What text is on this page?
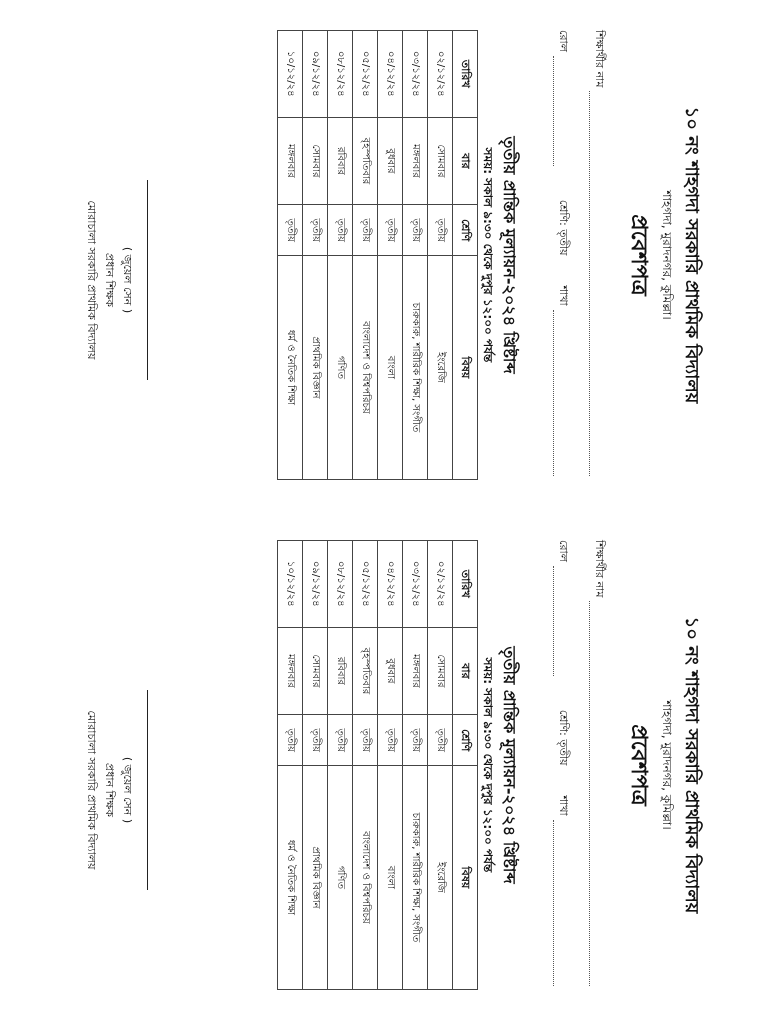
১০ নং শাহগদা সরকারি প্রাথমিক বিদ্যালয়
শাহগদা, মুরাদনগর, কুমিল্লা।
প্রবেশপত্র
শিক্ষার্থীর নাম
রোল
শ্রেণি: তৃতীয়
শাখা
তৃতীয় প্রান্তিক মূল্যায়ন-২০২৪ খ্রিষ্টাব্দ
সময়: সকাল ৯:৩০ থেকে দুপুর ১২:০০ পর্যন্ত
তারিখ	বার	শ্রেণি	বিষয়
০২/১২/২৪	সোমবার	তৃতীয়	ইংরেজি
০৩/১২/২৪	মঙ্গলবার	তৃতীয়	চারুকারু, শারীরিক শিক্ষা, সংগীত
০৪/১২/২৪	বুধবার	তৃতীয়	বাংলা
০৫/১২/২৪	বৃহস্পতিবার	তৃতীয়	বাংলাদেশ ও বিশ্বপরিচয়
০৮/১২/২৪	রবিবার	তৃতীয়	গণিত
০৯/১২/২৪	সোমবার	তৃতীয়	প্রাথমিক বিজ্ঞান
১০/১২/২৪	মঙ্গলবার	তৃতীয়	ধর্ম ও নৈতিক শিক্ষা
( জুয়েল সেন )
প্রধান শিক্ষক
মোরাচালা সরকারি প্রাথমিক বিদ্যালয়
১০ নং শাহগদা সরকারি প্রাথমিক বিদ্যালয়
শাহগদা, মুরাদনগর, কুমিল্লা।
প্রবেশপত্র
শিক্ষার্থীর নাম
রোল
শ্রেণি: তৃতীয়
শাখা
তৃতীয় প্রান্তিক মূল্যায়ন-২০২৪ খ্রিষ্টাব্দ
সময়: সকাল ৯:৩০ থেকে দুপুর ১২:০০ পর্যন্ত
তারিখ	বার	শ্রেণি	বিষয়
০২/১২/২৪	সোমবার	তৃতীয়	ইংরেজি
০৩/১২/২৪	মঙ্গলবার	তৃতীয়	চারুকারু, শারীরিক শিক্ষা, সংগীত
০৪/১২/২৪	বুধবার	তৃতীয়	বাংলা
০৫/১২/২৪	বৃহস্পতিবার	তৃতীয়	বাংলাদেশ ও বিশ্বপরিচয়
০৮/১২/২৪	রবিবার	তৃতীয়	গণিত
০৯/১২/২৪	সোমবার	তৃতীয়	প্রাথমিক বিজ্ঞান
১০/১২/২৪	মঙ্গলবার	তৃতীয়	ধর্ম ও নৈতিক শিক্ষা
( জুয়েল সেন )
প্রধান শিক্ষক
মোরাচালা সরকারি প্রাথমিক বিদ্যালয়
